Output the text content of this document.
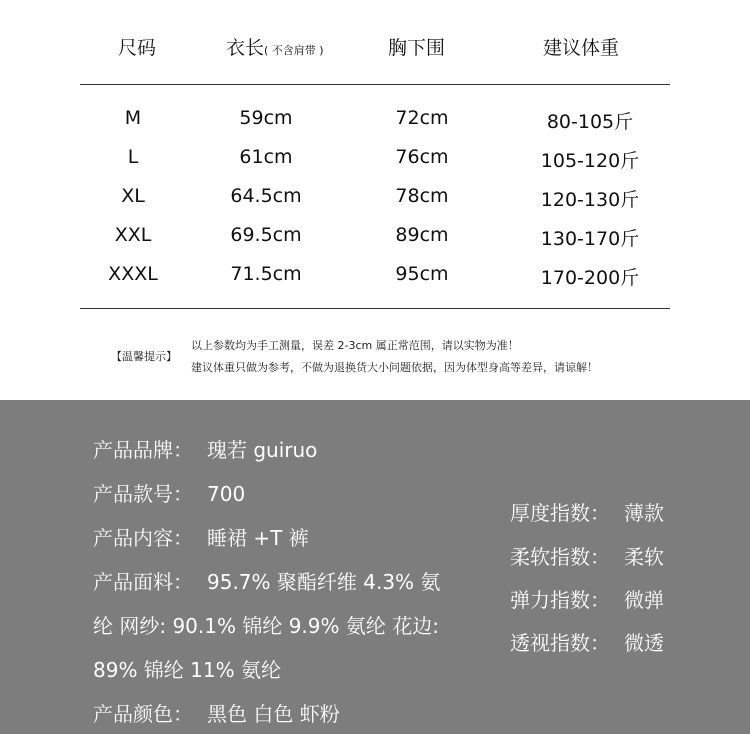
尺码	衣长( 不含肩带 )	胸下围	建议体重
M	59cm	72cm	80-105斤
L	61cm	76cm	105-120斤
XL	64.5cm	78cm	120-130斤
XXL	69.5cm	89cm	130-170斤
XXXL	71.5cm	95cm	170-200斤
【温馨提示】
以上参数均为手工测量，误差 2-3cm 属正常范围，请以实物为准！
建议体重只做为参考，不做为退换货大小问题依据，因为体型身高等差异，请谅解！
产品品牌： 瑰若 guiruo
产品款号： 700
产品内容： 睡裙 +T 裤
产品面料： 95.7% 聚酯纤维 4.3% 氨
纶 网纱: 90.1% 锦纶 9.9% 氨纶 花边:
89% 锦纶 11% 氨纶
产品颜色： 黑色 白色 虾粉
厚度指数： 薄款
柔软指数： 柔软
弹力指数： 微弹
透视指数： 微透
